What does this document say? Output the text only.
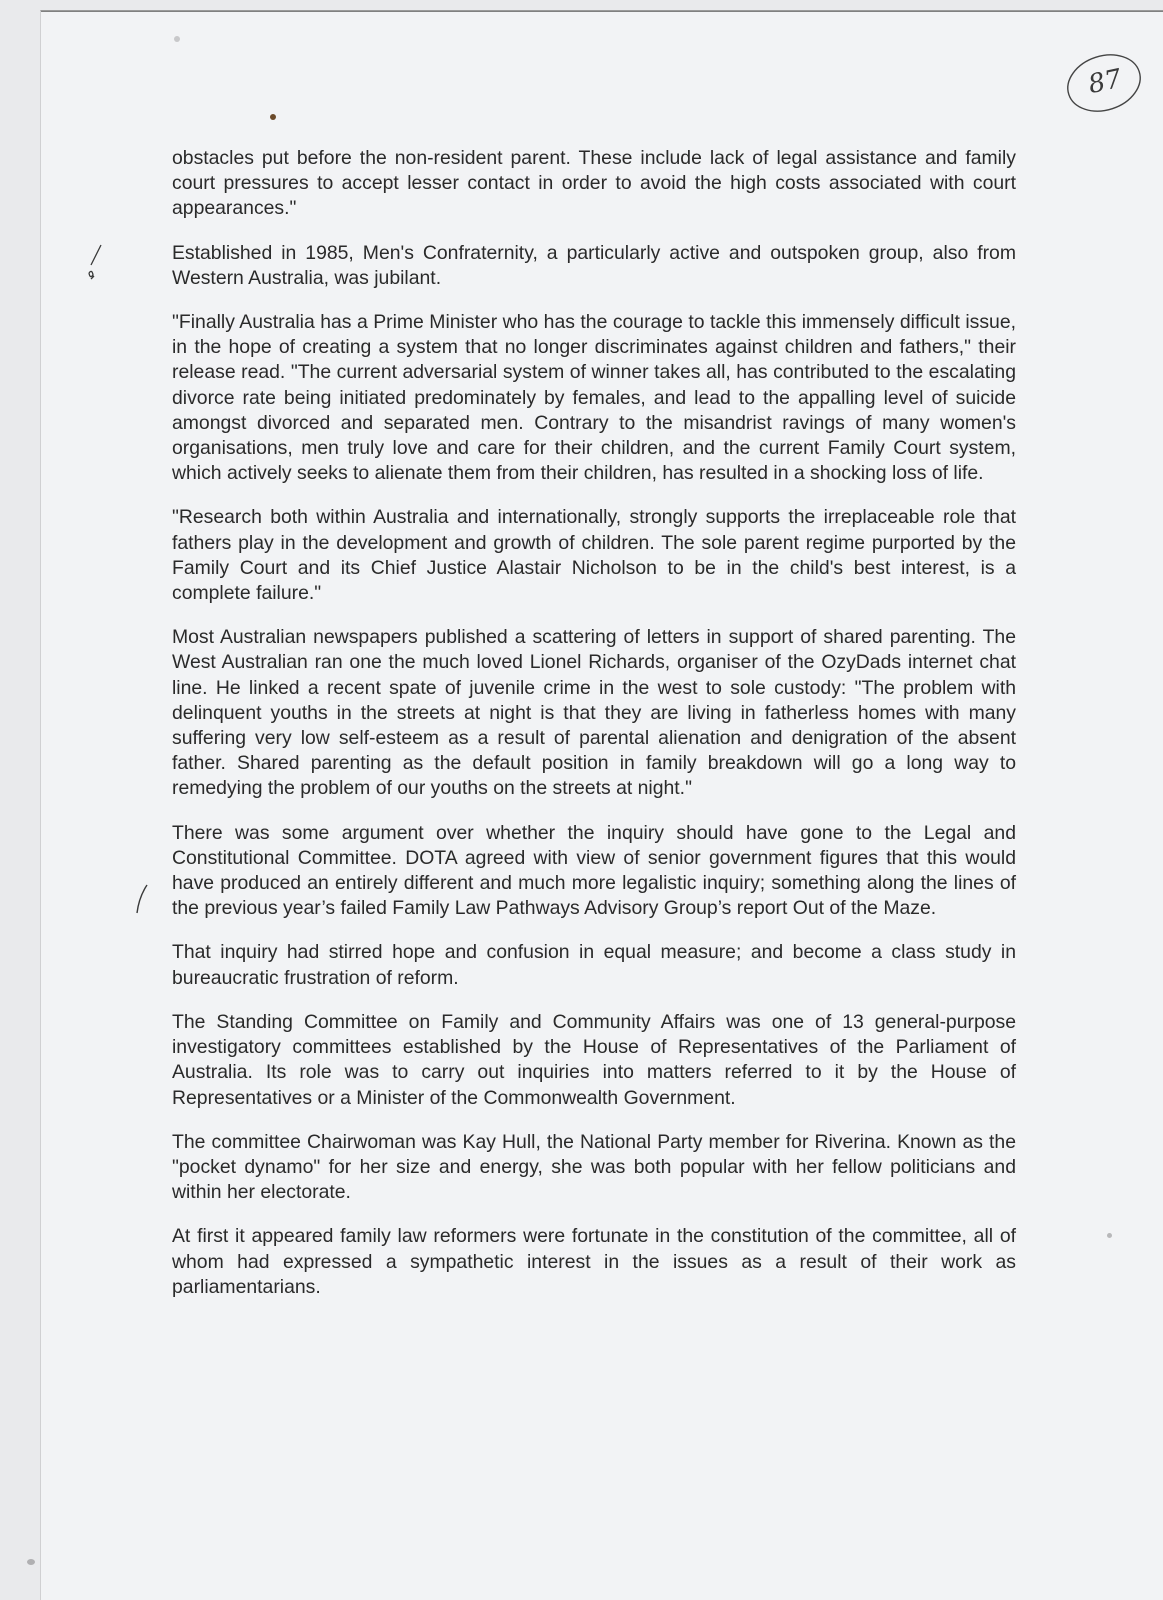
87

obstacles put before the non-resident parent. These include lack of legal assistance and family court pressures to accept lesser contact in order to avoid the high costs associated with court appearances."

Established in 1985, Men's Confraternity, a particularly active and outspoken group, also from Western Australia, was jubilant.

"Finally Australia has a Prime Minister who has the courage to tackle this immensely difficult issue, in the hope of creating a system that no longer discriminates against children and fathers," their release read. "The current adversarial system of winner takes all, has contributed to the escalating divorce rate being initiated predominately by females, and lead to the appalling level of suicide amongst divorced and separated men. Contrary to the misandrist ravings of many women's organisations, men truly love and care for their children, and the current Family Court system, which actively seeks to alienate them from their children, has resulted in a shocking loss of life.

"Research both within Australia and internationally, strongly supports the irreplaceable role that fathers play in the development and growth of children. The sole parent regime purported by the Family Court and its Chief Justice Alastair Nicholson to be in the child's best interest, is a complete failure."

Most Australian newspapers published a scattering of letters in support of shared parenting. The West Australian ran one the much loved Lionel Richards, organiser of the OzyDads internet chat line. He linked a recent spate of juvenile crime in the west to sole custody: "The problem with delinquent youths in the streets at night is that they are living in fatherless homes with many suffering very low self-esteem as a result of parental alienation and denigration of the absent father. Shared parenting as the default position in family breakdown will go a long way to remedying the problem of our youths on the streets at night."

There was some argument over whether the inquiry should have gone to the Legal and Constitutional Committee. DOTA agreed with view of senior government figures that this would have produced an entirely different and much more legalistic inquiry; something along the lines of the previous year’s failed Family Law Pathways Advisory Group’s report Out of the Maze.

That inquiry had stirred hope and confusion in equal measure; and become a class study in bureaucratic frustration of reform.

The Standing Committee on Family and Community Affairs was one of 13 general-purpose investigatory committees established by the House of Representatives of the Parliament of Australia. Its role was to carry out inquiries into matters referred to it by the House of Representatives or a Minister of the Commonwealth Government.

The committee Chairwoman was Kay Hull, the National Party member for Riverina. Known as the "pocket dynamo" for her size and energy, she was both popular with her fellow politicians and within her electorate.

At first it appeared family law reformers were fortunate in the constitution of the committee, all of whom had expressed a sympathetic interest in the issues as a result of their work as parliamentarians.
